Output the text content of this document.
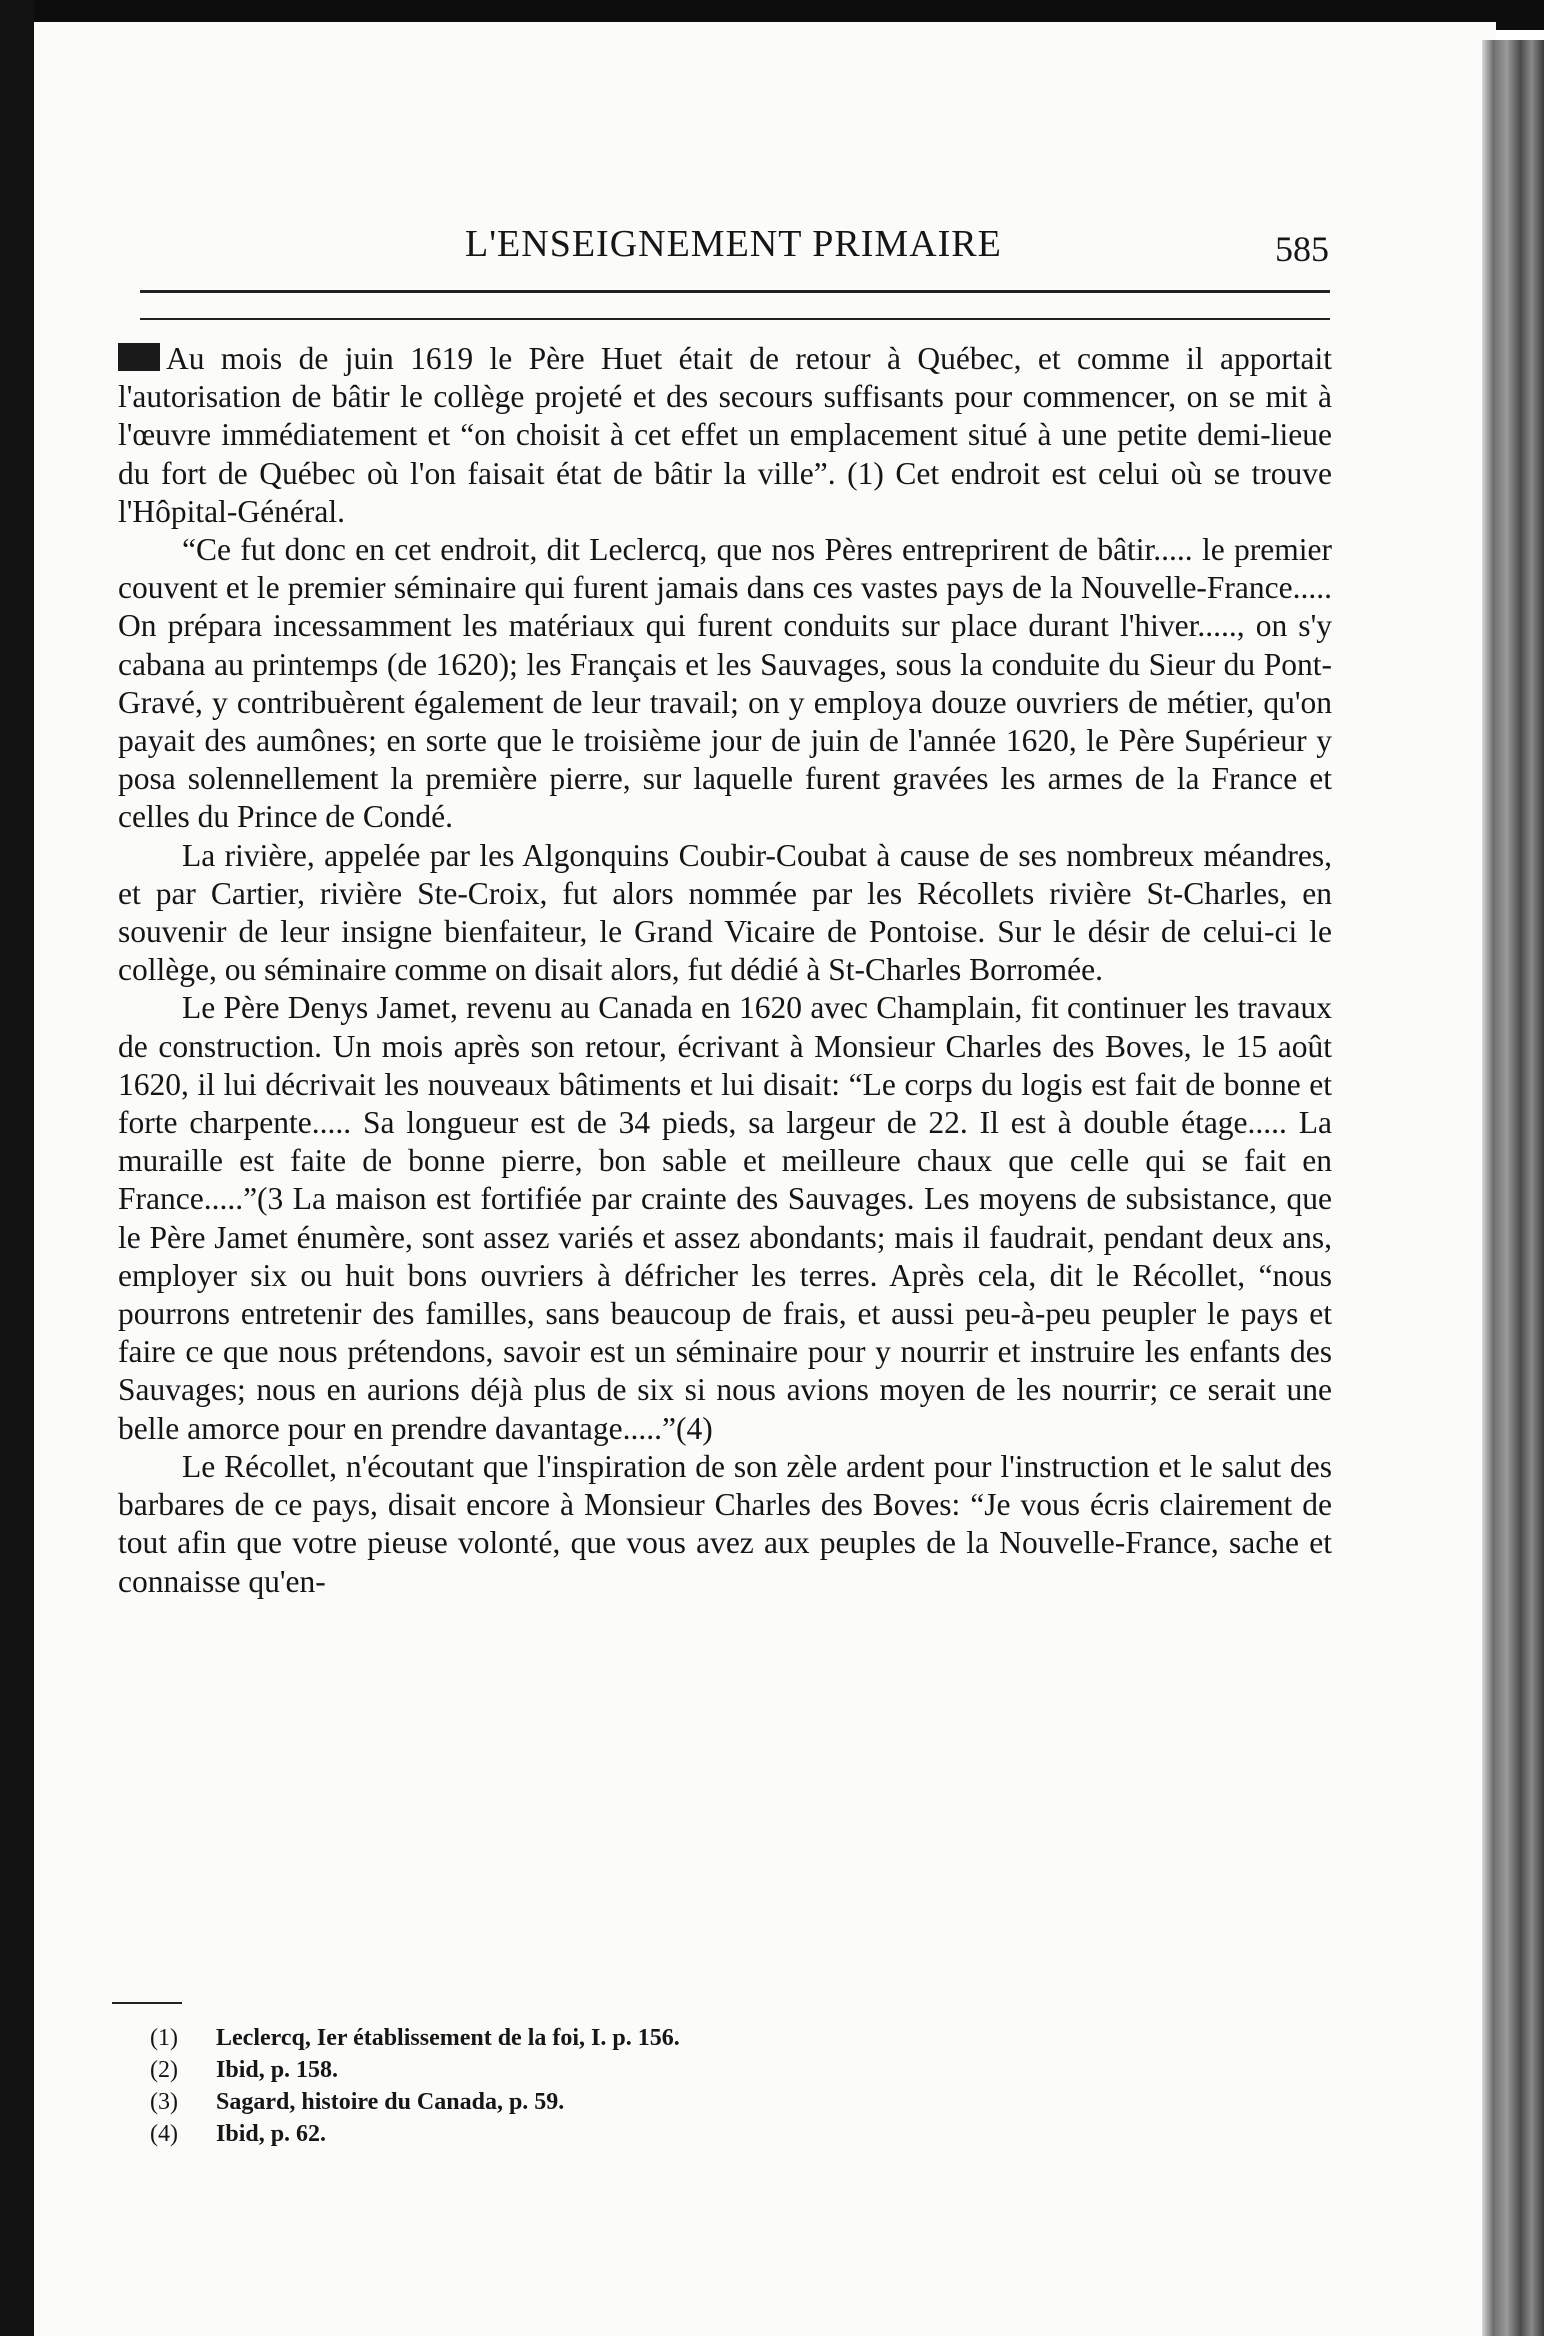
L'ENSEIGNEMENT PRIMAIRE	585

Au mois de juin 1619 le Père Huet était de retour à Québec, et comme il apportait l'autorisation de bâtir le collège projeté et des secours suffisants pour commencer, on se mit à l'œuvre immédiatement et “on choisit à cet effet un emplacement situé à une petite demi-lieue du fort de Québec où l'on faisait état de bâtir la ville”. (1) Cet endroit est celui où se trouve l'Hôpital-Général.

“Ce fut donc en cet endroit, dit Leclercq, que nos Pères entreprirent de bâtir..... le premier couvent et le premier séminaire qui furent jamais dans ces vastes pays de la Nouvelle-France..... On prépara incessamment les matériaux qui furent conduits sur place durant l'hiver....., on s'y cabana au printemps (de 1620); les Français et les Sauvages, sous la conduite du Sieur du Pont-Gravé, y contribuèrent également de leur travail; on y employa douze ouvriers de métier, qu'on payait des aumônes; en sorte que le troisième jour de juin de l'année 1620, le Père Supérieur y posa solennellement la première pierre, sur laquelle furent gravées les armes de la France et celles du Prince de Condé.

La rivière, appelée par les Algonquins Coubir-Coubat à cause de ses nombreux méandres, et par Cartier, rivière Ste-Croix, fut alors nommée par les Récollets rivière St-Charles, en souvenir de leur insigne bienfaiteur, le Grand Vicaire de Pontoise. Sur le désir de celui-ci le collège, ou séminaire comme on disait alors, fut dédié à St-Charles Borromée.

Le Père Denys Jamet, revenu au Canada en 1620 avec Champlain, fit continuer les travaux de construction. Un mois après son retour, écrivant à Monsieur Charles des Boves, le 15 août 1620, il lui décrivait les nouveaux bâtiments et lui disait: “Le corps du logis est fait de bonne et forte charpente..... Sa longueur est de 34 pieds, sa largeur de 22. Il est à double étage..... La muraille est faite de bonne pierre, bon sable et meilleure chaux que celle qui se fait en France.....”(3 La maison est fortifiée par crainte des Sauvages. Les moyens de subsistance, que le Père Jamet énumère, sont assez variés et assez abondants; mais il faudrait, pendant deux ans, employer six ou huit bons ouvriers à défricher les terres. Après cela, dit le Récollet, “nous pourrons entretenir des familles, sans beaucoup de frais, et aussi peu-à-peu peupler le pays et faire ce que nous prétendons, savoir est un séminaire pour y nourrir et instruire les enfants des Sauvages; nous en aurions déjà plus de six si nous avions moyen de les nourrir; ce serait une belle amorce pour en prendre davantage.....”(4)

Le Récollet, n'écoutant que l'inspiration de son zèle ardent pour l'instruction et le salut des barbares de ce pays, disait encore à Monsieur Charles des Boves: “Je vous écris clairement de tout afin que votre pieuse volonté, que vous avez aux peuples de la Nouvelle-France, sache et connaisse qu'en-

(1)	Leclercq, Ier établissement de la foi, I. p. 156.
(2)	Ibid, p. 158.
(3)	Sagard, histoire du Canada, p. 59.
(4)	Ibid, p. 62.
